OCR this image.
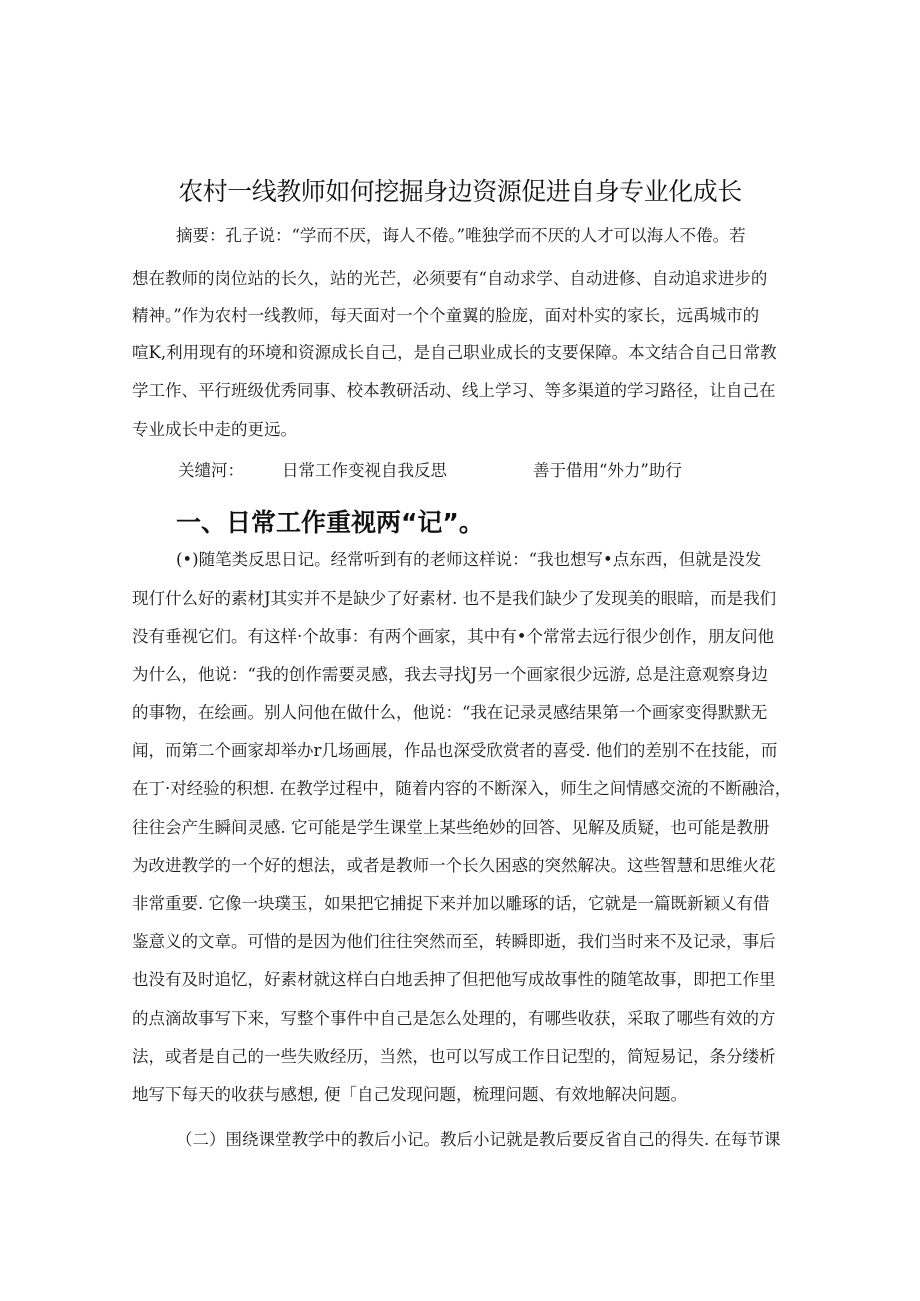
农村一线教师如何挖掘身边资源促进自身专业化成长
摘要：孔子说：“学而不厌，诲人不倦。”唯独学而不厌的人才可以海人不倦。若
想在教师的岗位站的长久，站的光芒，必须要有“自动求学、自动进修、自动追求进步的
精神。”作为农村一线教师，每天面对一个个童翼的脸庞，面对朴实的家长，远禹城市的
喧K,利用现有的环境和资源成长自己，是自己职业成长的支要保障。本文结合自己日常教
学工作、平行班级优秀同事、校本教研活动、线上学习、等多渠道的学习路径，让自己在
专业成长中走的更远。
关缱河： 日常工作变视自我反思	善于借用“外力”助行
一、日常工作重视两“记”。
(•)随笔类反思日记。经常听到有的老师这样说：“我也想写•点东西，但就是没发
现仃什么好的素材J其实并不是缺少了好素材. 也不是我们缺少了发现美的眼暗，而是我们
没有垂视它们。有这样·个故事：有两个画家，其中有•个常常去远行很少创作，朋友问他
为什么，他说：“我的创作需要灵感，我去寻找J另一个画家很少远游, 总是注意观察身边
的事物，在绘画。别人问他在做什么，他说：“我在记录灵感结果第一个画家变得默默无
闻，而第二个画家却举办r几场画展，作品也深受欣赏者的喜受. 他们的差别不在技能，而
在丁·对经验的积想. 在教学过程中，随着内容的不断深入，师生之间情感交流的不断融洽，
往往会产生瞬间灵感. 它可能是学生课堂上某些绝妙的回答、见解及质疑，也可能是教册
为改进教学的一个好的想法，或者是教师一个长久困惑的突然解决。这些智慧和思维火花
非常重要. 它像一块璞玉，如果把它捕捉下来并加以雕琢的话，它就是一篇既新颖乂有借
鉴意义的文章。可惜的是因为他们往往突然而至，转瞬即逝，我们当时来不及记录，事后
也没有及时追忆，好素材就这样白白地丢抻了但把他写成故事性的随笔故事，即把工作里
的点滴故事写下来，写整个事件中自己是怎么处理的，有哪些收获，采取了哪些有效的方
法，或者是自己的一些失败经历，当然，也可以写成工作日记型的，简短易记，条分缕析
地写下每天的收获与感想, 便「自己发现问题，梳理问题、有效地解决问题。
（二）围绕课堂教学中的教后小记。教后小记就是教后要反省自己的得失. 在每节课
